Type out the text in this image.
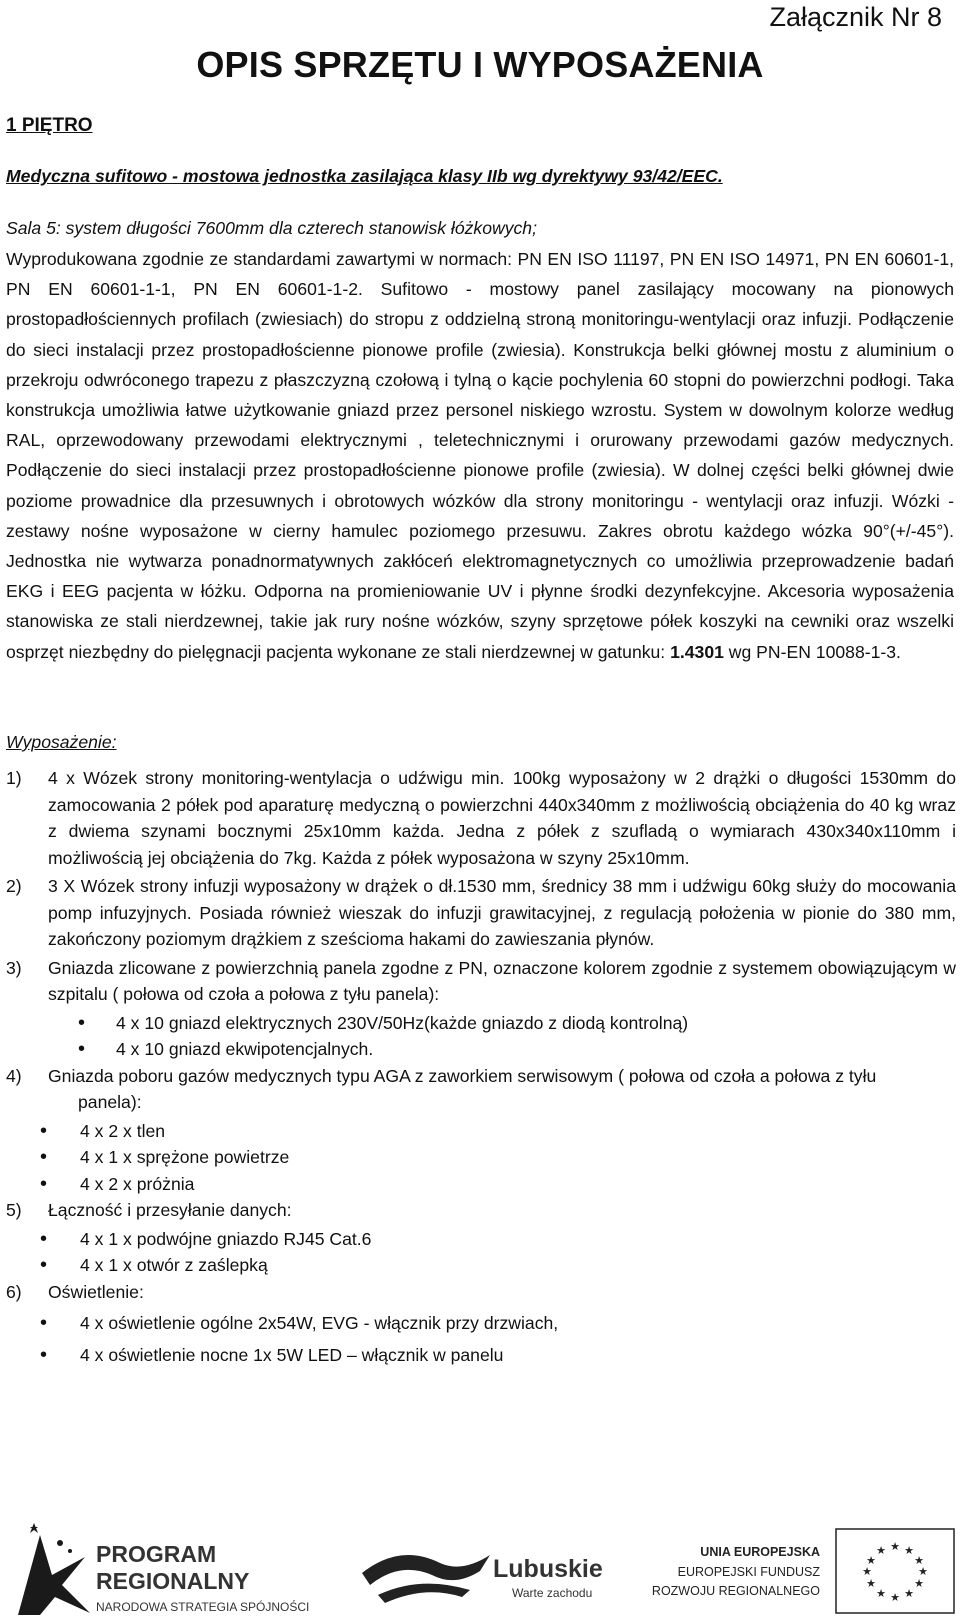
Załącznik Nr 8
OPIS SPRZĘTU I WYPOSAŻENIA
1 PIĘTRO
Medyczna sufitowo - mostowa jednostka zasilająca klasy IIb wg dyrektywy 93/42/EEC.
Sala 5: system długości 7600mm dla czterech stanowisk łóżkowych;
Wyprodukowana zgodnie ze standardami zawartymi w normach: PN EN ISO 11197, PN EN ISO 14971, PN EN 60601-1, PN EN 60601-1-1, PN EN 60601-1-2. Sufitowo - mostowy panel zasilający mocowany na pionowych prostopadłościennych profilach (zwiesiach) do stropu z oddzielną stroną monitoringu-wentylacji oraz infuzji. Podłączenie do sieci instalacji przez prostopadłościenne pionowe profile (zwiesia). Konstrukcja belki głównej mostu z aluminium o przekroju odwróconego trapezu z płaszczyzną czołową i tylną o kącie pochylenia 60 stopni do powierzchni podłogi. Taka konstrukcja umożliwia łatwe użytkowanie gniazd przez personel niskiego wzrostu. System w dowolnym kolorze według RAL, oprzewodowany przewodami elektrycznymi , teletechnicznymi i orurowany przewodami gazów medycznych. Podłączenie do sieci instalacji przez prostopadłościenne pionowe profile (zwiesia). W dolnej części belki głównej dwie poziome prowadnice dla przesuwnych i obrotowych wózków dla strony monitoringu - wentylacji oraz infuzji. Wózki - zestawy nośne wyposażone w cierny hamulec poziomego przesuwu. Zakres obrotu każdego wózka 90°(+/-45°). Jednostka nie wytwarza ponadnormatywnych zakłóceń elektromagnetycznych co umożliwia przeprowadzenie badań EKG i EEG pacjenta w łóżku. Odporna na promieniowanie UV i płynne środki dezynfekcyjne. Akcesoria wyposażenia stanowiska ze stali nierdzewnej, takie jak rury nośne wózków, szyny sprzętowe półek koszyki na cewniki oraz wszelki osprzęt niezbędny do pielęgnacji pacjenta wykonane ze stali nierdzewnej w gatunku: 1.4301 wg PN-EN 10088-1-3.
Wyposażenie:
1) 4 x Wózek strony monitoring-wentylacja o udźwigu min. 100kg wyposażony w 2 drążki o długości 1530mm do zamocowania 2 półek pod aparaturę medyczną o powierzchni 440x340mm z możliwością obciążenia do 40 kg wraz z dwiema szynami bocznymi 25x10mm każda. Jedna z półek z szufladą o wymiarach 430x340x110mm i możliwością jej obciążenia do 7kg. Każda z półek wyposażona w szyny 25x10mm.
2) 3 X Wózek strony infuzji wyposażony w drążek o dł.1530 mm, średnicy 38 mm i udźwigu 60kg służy do mocowania pomp infuzyjnych. Posiada również wieszak do infuzji grawitacyjnej, z regulacją położenia w pionie do 380 mm, zakończony poziomym drążkiem z sześcioma hakami do zawieszania płynów.
3) Gniazda zlicowane z powierzchnią panela zgodne z PN, oznaczone kolorem zgodnie z systemem obowiązującym w szpitalu ( połowa od czoła a połowa z tyłu panela):
• 4 x 10 gniazd elektrycznych 230V/50Hz(każde gniazdo z diodą kontrolną)
• 4 x 10 gniazd ekwipotencjalnych.
4) Gniazda poboru gazów medycznych typu AGA z zaworkiem serwisowym ( połowa od czoła a połowa z tyłu
panela):
• 4 x 2 x tlen
• 4 x 1 x sprężone powietrze
• 4 x 2 x próżnia
5) Łączność i przesyłanie danych:
• 4 x 1 x podwójne gniazdo RJ45 Cat.6
• 4 x 1 x otwór z zaślepką
6) Oświetlenie:
• 4 x oświetlenie ogólne 2x54W, EVG - włącznik przy drzwiach,
• 4 x oświetlenie nocne 1x 5W LED – włącznik w panelu
PROGRAM
REGIONALNY
NARODOWA STRATEGIA SPÓJNOŚCI
Lubuskie
Warte zachodu
UNIA EUROPEJSKA
EUROPEJSKI FUNDUSZ
ROZWOJU REGIONALNEGO
★ ★
★
★
★
★
★
★
★
★
★
★
